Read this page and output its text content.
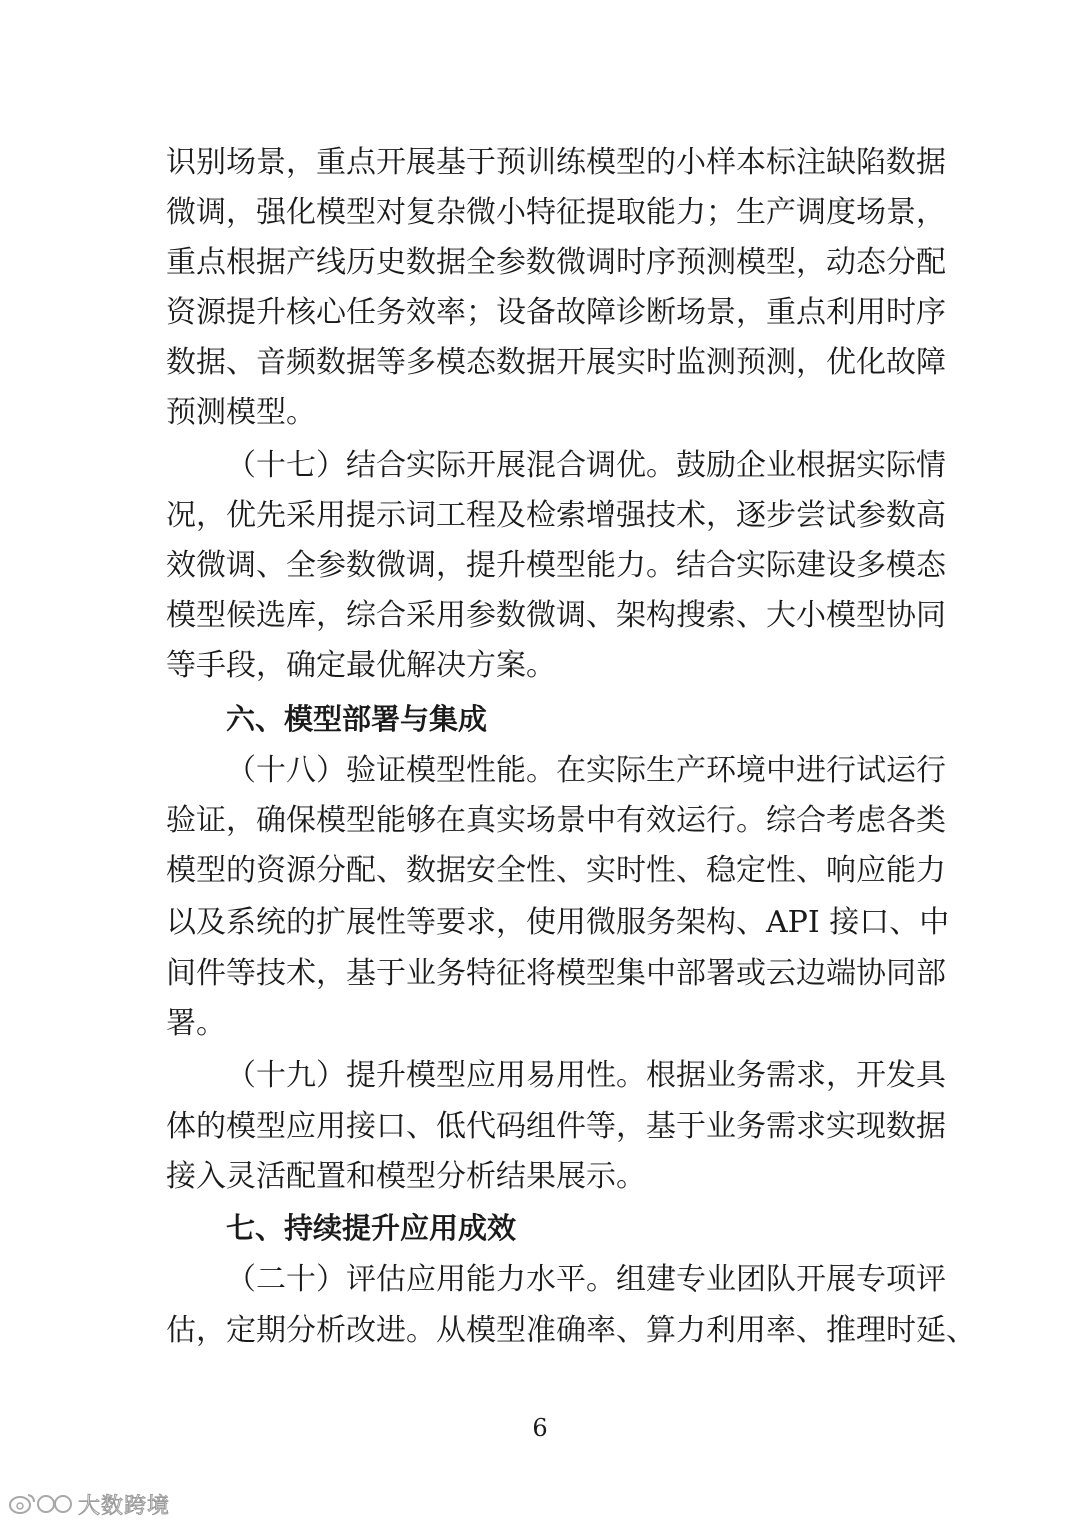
识别场景，重点开展基于预训练模型的小样本标注缺陷数据
微调，强化模型对复杂微小特征提取能力；生产调度场景，
重点根据产线历史数据全参数微调时序预测模型，动态分配
资源提升核心任务效率；设备故障诊断场景，重点利用时序
数据、音频数据等多模态数据开展实时监测预测，优化故障
预测模型。
（十七）结合实际开展混合调优。鼓励企业根据实际情
况，优先采用提示词工程及检索增强技术，逐步尝试参数高
效微调、全参数微调，提升模型能力。结合实际建设多模态
模型候选库，综合采用参数微调、架构搜索、大小模型协同
等手段，确定最优解决方案。
六、模型部署与集成
（十八）验证模型性能。在实际生产环境中进行试运行
验证，确保模型能够在真实场景中有效运行。综合考虑各类
模型的资源分配、数据安全性、实时性、稳定性、响应能力
以及系统的扩展性等要求，使用微服务架构、API 接口、中
间件等技术，基于业务特征将模型集中部署或云边端协同部
署。
（十九）提升模型应用易用性。根据业务需求，开发具
体的模型应用接口、低代码组件等，基于业务需求实现数据
接入灵活配置和模型分析结果展示。
七、持续提升应用成效
（二十）评估应用能力水平。组建专业团队开展专项评
估，定期分析改进。从模型准确率、算力利用率、推理时延、
6
大数跨境
